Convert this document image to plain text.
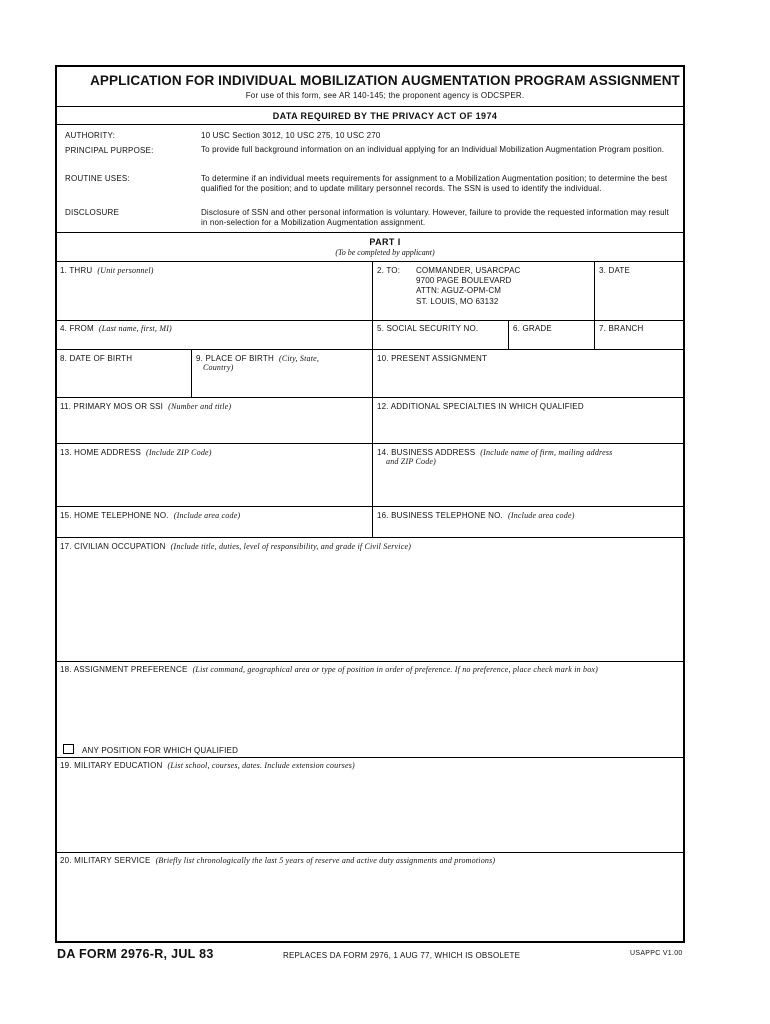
APPLICATION FOR INDIVIDUAL MOBILIZATION AUGMENTATION PROGRAM ASSIGNMENT
For use of this form, see AR 140-145; the proponent agency is ODCSPER.
DATA REQUIRED BY THE PRIVACY ACT OF 1974
AUTHORITY:	10 USC Section 3012, 10 USC 275, 10 USC 270
PRINCIPAL PURPOSE:	To provide full background information on an individual applying for an Individual Mobilization Augmentation Program position.
ROUTINE USES:	To determine if an individual meets requirements for assignment to a Mobilization Augmentation position; to determine the best qualified for the position; and to update military personnel records. The SSN is used to identify the individual.
DISCLOSURE	Disclosure of SSN and other personal information is voluntary. However, failure to provide the requested information may result in non-selection for a Mobilization Augmentation assignment.
PART I
(To be completed by applicant)
1. THRU (Unit personnel)	2. TO: COMMANDER, USARCPAC
9700 PAGE BOULEVARD
ATTN: AGUZ-OPM-CM
ST. LOUIS, MO 63132
3. DATE
4. FROM (Last name, first, MI)	5. SOCIAL SECURITY NO.	6. GRADE	7. BRANCH
8. DATE OF BIRTH	9. PLACE OF BIRTH (City, State,
Country)
10. PRESENT ASSIGNMENT
11. PRIMARY MOS OR SSI (Number and title)	12. ADDITIONAL SPECIALTIES IN WHICH QUALIFIED
13. HOME ADDRESS (Include ZIP Code)	14. BUSINESS ADDRESS (Include name of firm, mailing address
and ZIP Code)
15. HOME TELEPHONE NO. (Include area code)	16. BUSINESS TELEPHONE NO. (Include area code)
17. CIVILIAN OCCUPATION (Include title, duties, level of responsibility, and grade if Civil Service)
18. ASSIGNMENT PREFERENCE (List command, geographical area or type of position in order of preference. If no preference, place check mark in box)
ANY POSITION FOR WHICH QUALIFIED
19. MILITARY EDUCATION (List school, courses, dates. Include extension courses)
20. MILITARY SERVICE (Briefly list chronologically the last 5 years of reserve and active duty assignments and promotions)
DA FORM 2976-R, JUL 83	REPLACES DA FORM 2976, 1 AUG 77, WHICH IS OBSOLETE	USAPPC V1.00
